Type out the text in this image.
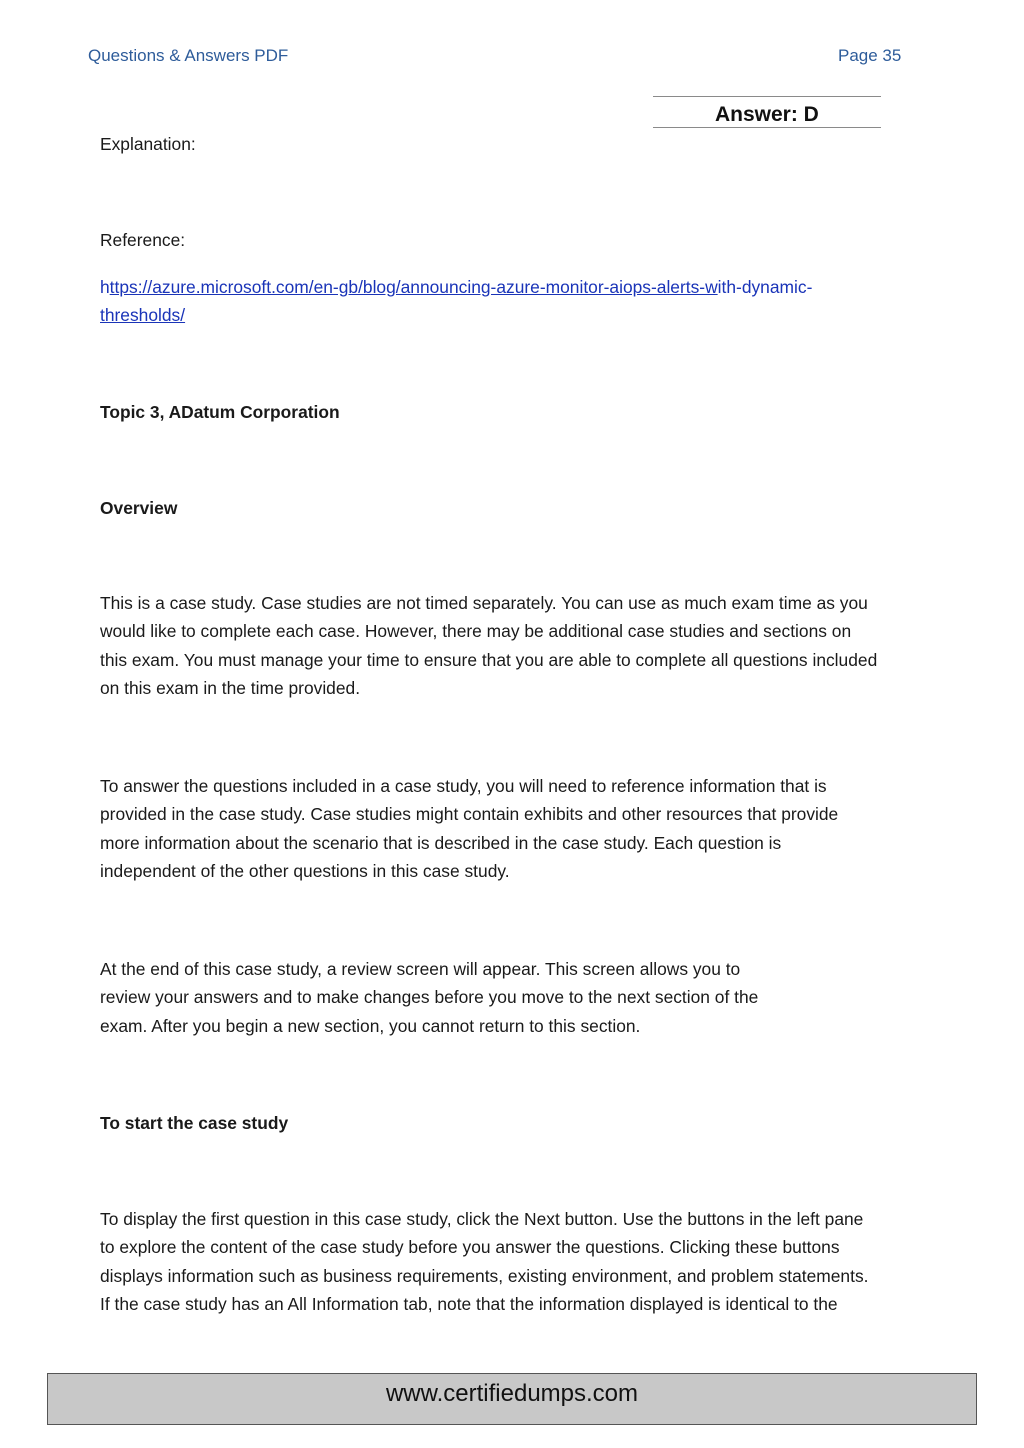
Questions & Answers PDF	Page 35
Answer: D
Explanation:
Reference:
https://azure.microsoft.com/en-gb/blog/announcing-azure-monitor-aiops-alerts-with-dynamic-
thresholds/
Topic 3, ADatum Corporation
Overview
This is a case study. Case studies are not timed separately. You can use as much exam time as you
would like to complete each case. However, there may be additional case studies and sections on
this exam. You must manage your time to ensure that you are able to complete all questions included
on this exam in the time provided.
To answer the questions included in a case study, you will need to reference information that is
provided in the case study. Case studies might contain exhibits and other resources that provide
more information about the scenario that is described in the case study. Each question is
independent of the other questions in this case study.
At the end of this case study, a review screen will appear. This screen allows you to
review your answers and to make changes before you move to the next section of the
exam. After you begin a new section, you cannot return to this section.
To start the case study
To display the first question in this case study, click the Next button. Use the buttons in the left pane
to explore the content of the case study before you answer the questions. Clicking these buttons
displays information such as business requirements, existing environment, and problem statements.
If the case study has an All Information tab, note that the information displayed is identical to the
www.certifiedumps.com
